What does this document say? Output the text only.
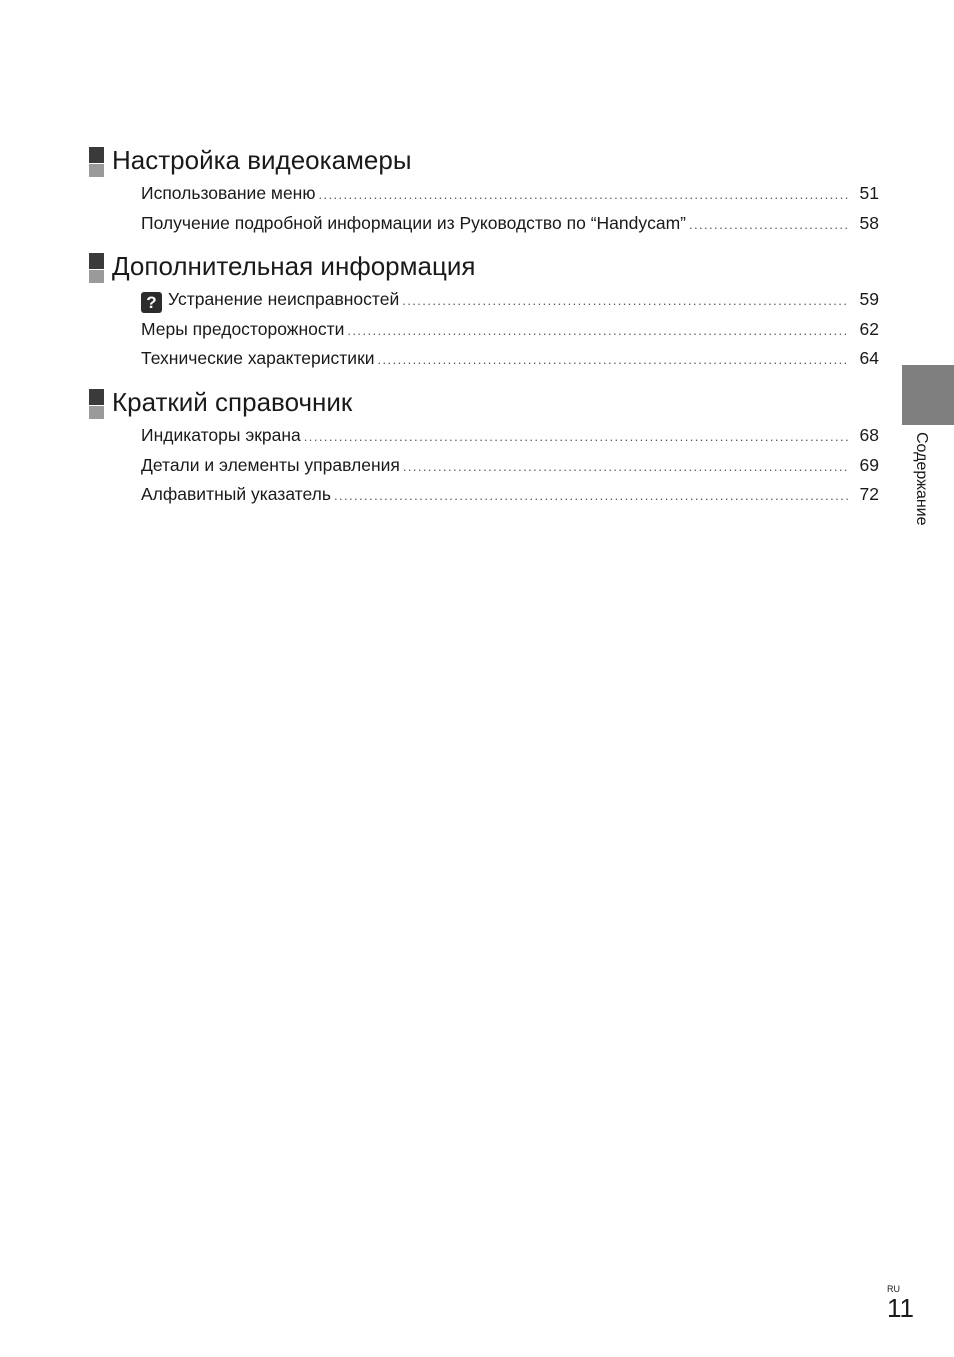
Настройка видеокамеры
Использование меню .....	51
Получение подробной информации из Руководство по “Handycam” .....	58
Дополнительная информация
? Устранение неисправностей .....	59
Меры предосторожности .....	62
Технические характеристики .....	64
Краткий справочник
Индикаторы экрана .....	68
Детали и элементы управления .....	69
Алфавитный указатель .....	72 Содержание
RU
11
